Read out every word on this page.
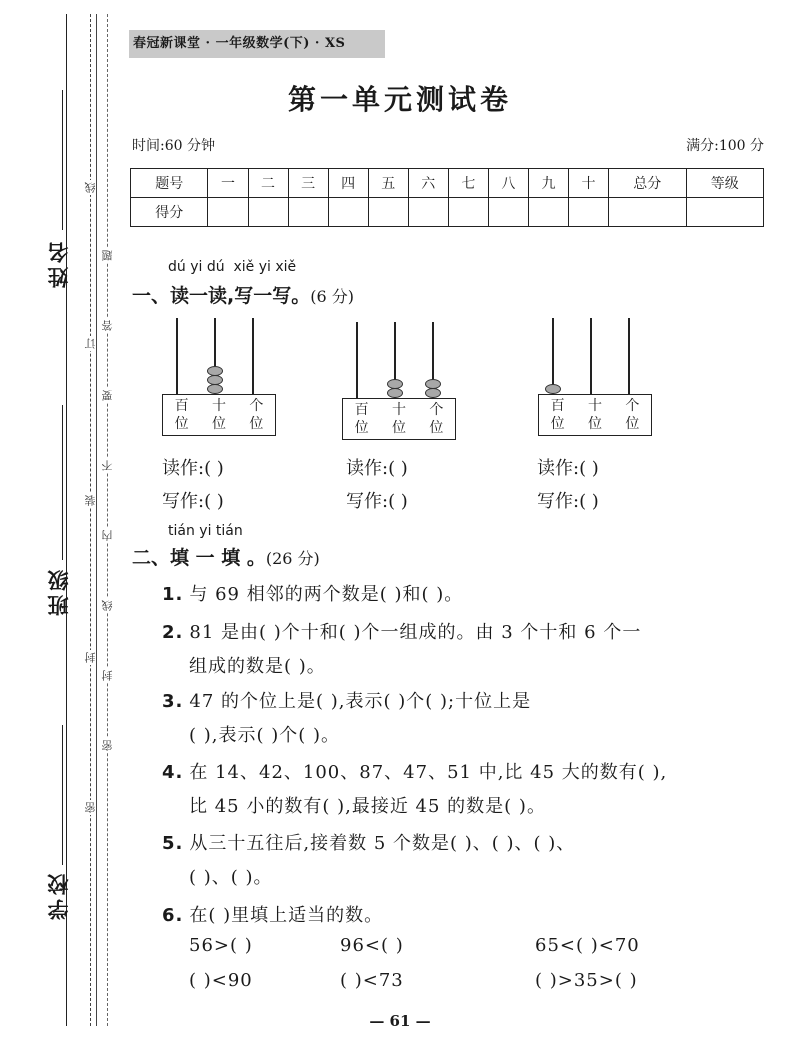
姓名
班级
学校
线
订
装
封
密
题
答
要
不
内
线
封
密
春冠新课堂 · 一年级数学(下) · XS
第一单元测试卷
时间:60 分钟	满分:100 分
题号	一	二	三	四	五	六	七	八	九	十	总分	等级
得分												
dú yi dú  xiě yi xiě
一、读一读,写一写。(6 分)
百
位
十
位
个
位
百
位
十
位
个
位
百
位
十
位
个
位
读作:( )	读作:( )	读作:( )
写作:( )	写作:( )	写作:( )
tián yi tián
二、填 一 填 。(26 分)
1. 与 69 相邻的两个数是( )和( )。
2. 81 是由( )个十和( )个一组成的。由 3 个十和 6 个一
组成的数是( )。
3. 47 的个位上是( ),表示( )个( );十位上是
( ),表示( )个( )。
4. 在 14、42、100、87、47、51 中,比 45 大的数有( ),
比 45 小的数有( ),最接近 45 的数是( )。
5. 从三十五往后,接着数 5 个数是( )、( )、( )、
( )、( )。
6. 在( )里填上适当的数。
56>( )	96<( )	65<( )<70
( )<90	( )<73	( )>35>( )
— 61 —
